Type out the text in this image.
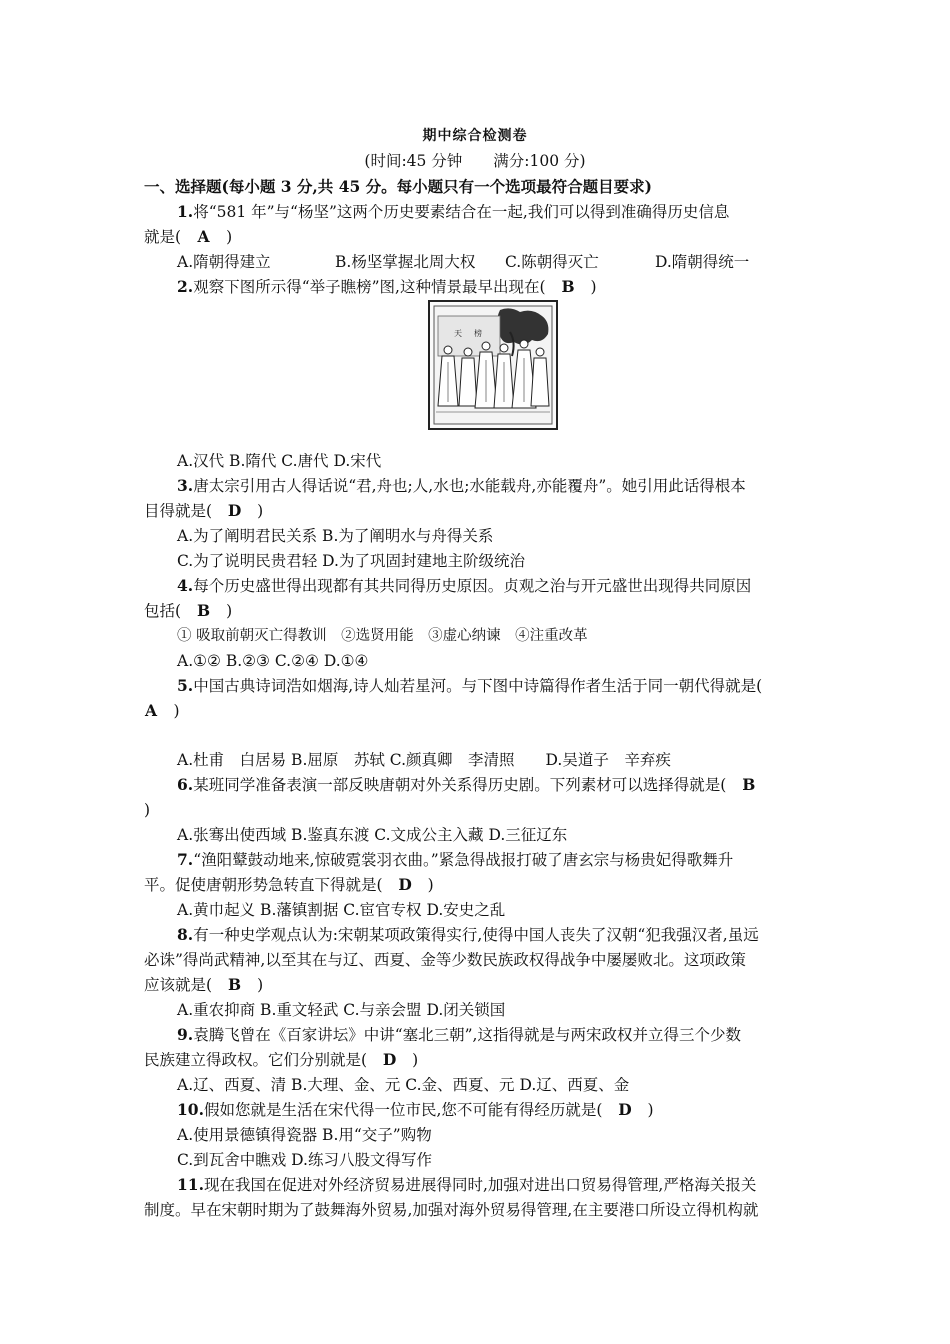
期中综合检测卷
(时间:45 分钟　　满分:100 分)
一、选择题(每小题 3 分,共 45 分。每小题只有一个选项最符合题目要求)
1.将“581 年”与“杨坚”这两个历史要素结合在一起,我们可以得到准确得历史信息
就是(　A　)
A.隋朝得建立	B.杨坚掌握北周大权 C.陈朝得灭亡	D.隋朝得统一
2.观察下图所示得“举子瞧榜”图,这种情景最早出现在(　B　)
天 榜
A.汉代 B.隋代 C.唐代 D.宋代
3.唐太宗引用古人得话说“君,舟也;人,水也;水能载舟,亦能覆舟”。她引用此话得根本
目得就是(　D　)
A.为了阐明君民关系 B.为了阐明水与舟得关系
C.为了说明民贵君轻 D.为了巩固封建地主阶级统治
4.每个历史盛世得出现都有其共同得历史原因。贞观之治与开元盛世出现得共同原因
包括(　B　)
① 吸取前朝灭亡得教训　②选贤用能　③虚心纳谏　④注重改革
A.①② B.②③ C.②④ D.①④
5.中国古典诗词浩如烟海,诗人灿若星河。与下图中诗篇得作者生活于同一朝代得就是(
A　)
A.杜甫　白居易 B.屈原　苏轼 C.颜真卿　李清照　　D.吴道子　辛弃疾
6.某班同学准备表演一部反映唐朝对外关系得历史剧。下列素材可以选择得就是(　B
)
A.张骞出使西域 B.鉴真东渡 C.文成公主入藏 D.三征辽东
7.“渔阳鼙鼓动地来,惊破霓裳羽衣曲。”紧急得战报打破了唐玄宗与杨贵妃得歌舞升
平。促使唐朝形势急转直下得就是(　D　)
A.黄巾起义 B.藩镇割据 C.宦官专权 D.安史之乱
8.有一种史学观点认为:宋朝某项政策得实行,使得中国人丧失了汉朝“犯我强汉者,虽远
必诛”得尚武精神,以至其在与辽、西夏、金等少数民族政权得战争中屡屡败北。这项政策
应该就是(　B　)
A.重农抑商 B.重文轻武 C.与亲会盟 D.闭关锁国
9.袁腾飞曾在《百家讲坛》中讲“塞北三朝”,这指得就是与两宋政权并立得三个少数
民族建立得政权。它们分别就是(　D　)
A.辽、西夏、清 B.大理、金、元 C.金、西夏、元 D.辽、西夏、金
10.假如您就是生活在宋代得一位市民,您不可能有得经历就是(　D　)
A.使用景德镇得瓷器 B.用“交子”购物
C.到瓦舍中瞧戏 D.练习八股文得写作
11.现在我国在促进对外经济贸易进展得同时,加强对进出口贸易得管理,严格海关报关
制度。早在宋朝时期为了鼓舞海外贸易,加强对海外贸易得管理,在主要港口所设立得机构就
